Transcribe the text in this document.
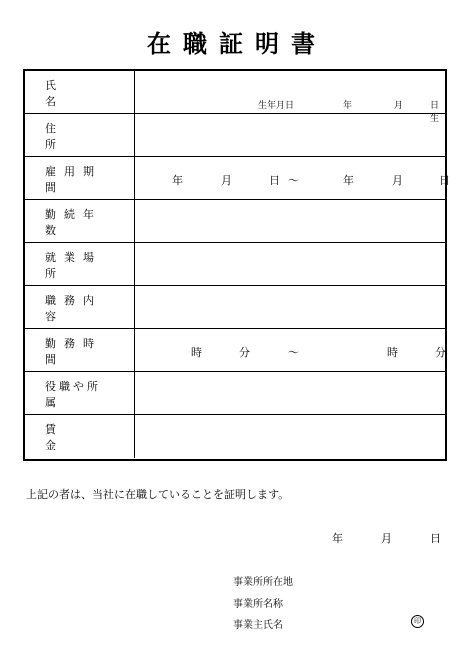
在職証明書
氏名	生年月日	年	月	日生
住所
雇用期間	年	月	日 ～	年	月	日
勤続年数
就業場所
職務内容
勤務時間	時	分	～	時	分
役職や所属
賃金
上記の者は、当社に在職していることを証明します。
年	月	日
事業所所在地
事業所名称
事業主氏名	印
